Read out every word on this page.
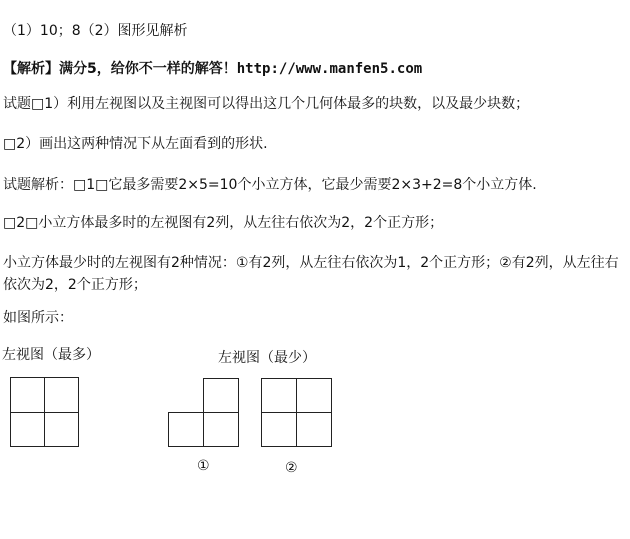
（1）10；8（2）图形见解析
【解析】满分5，给你不一样的解答！http://www.manfen5.com
试题□1）利用左视图以及主视图可以得出这几个几何体最多的块数，以及最少块数；
□2）画出这两种情况下从左面看到的形状.
试题解析：□1□它最多需要2×5=10个小立方体，它最少需要2×3+2=8个小立方体.
□2□小立方体最多时的左视图有2列，从左往右依次为2，2个正方形；
小立方体最少时的左视图有2种情况：①有2列，从左往右依次为1，2个正方形；②有2列，从左往右依次为2，2个正方形；
如图所示：
左视图（最多）	左视图（最少）
①	②
